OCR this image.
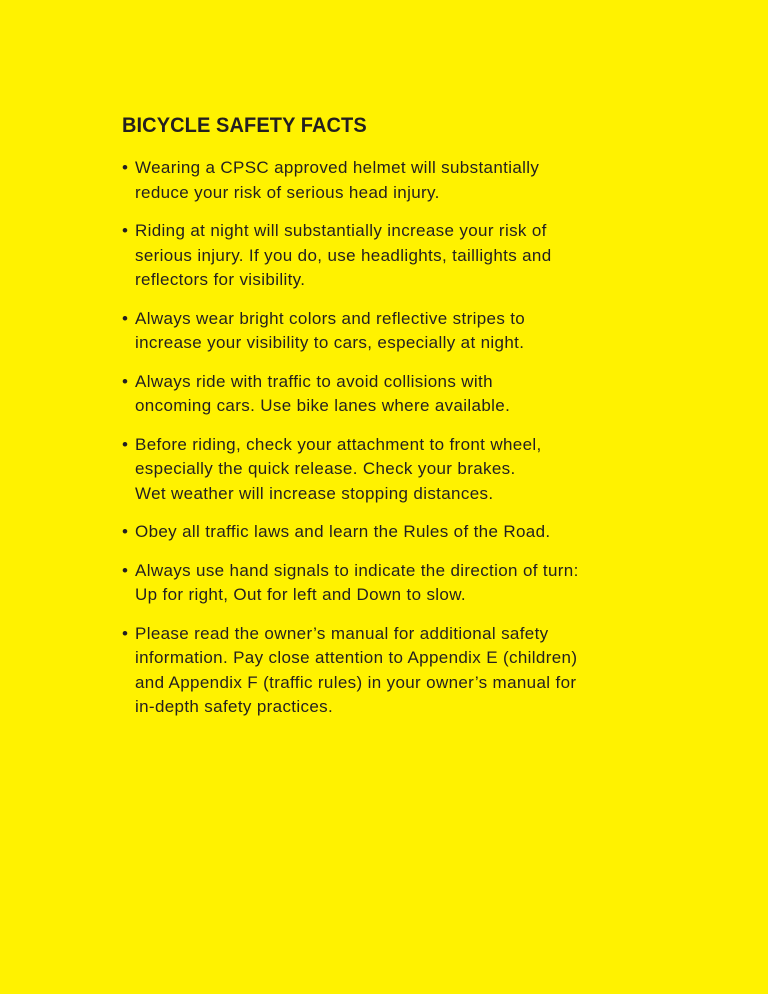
BICYCLE SAFETY FACTS
• Wearing a CPSC approved helmet will substantially
reduce your risk of serious head injury.
• Riding at night will substantially increase your risk of
serious injury. If you do, use headlights, taillights and
reflectors for visibility.
• Always wear bright colors and reflective stripes to
increase your visibility to cars, especially at night.
• Always ride with traffic to avoid collisions with
oncoming cars. Use bike lanes where available.
• Before riding, check your attachment to front wheel,
especially the quick release. Check your brakes.
Wet weather will increase stopping distances.
• Obey all traffic laws and learn the Rules of the Road.
• Always use hand signals to indicate the direction of turn:
Up for right, Out for left and Down to slow.
• Please read the owner’s manual for additional safety
information. Pay close attention to Appendix E (children)
and Appendix F (traffic rules) in your owner’s manual for
in-depth safety practices.
